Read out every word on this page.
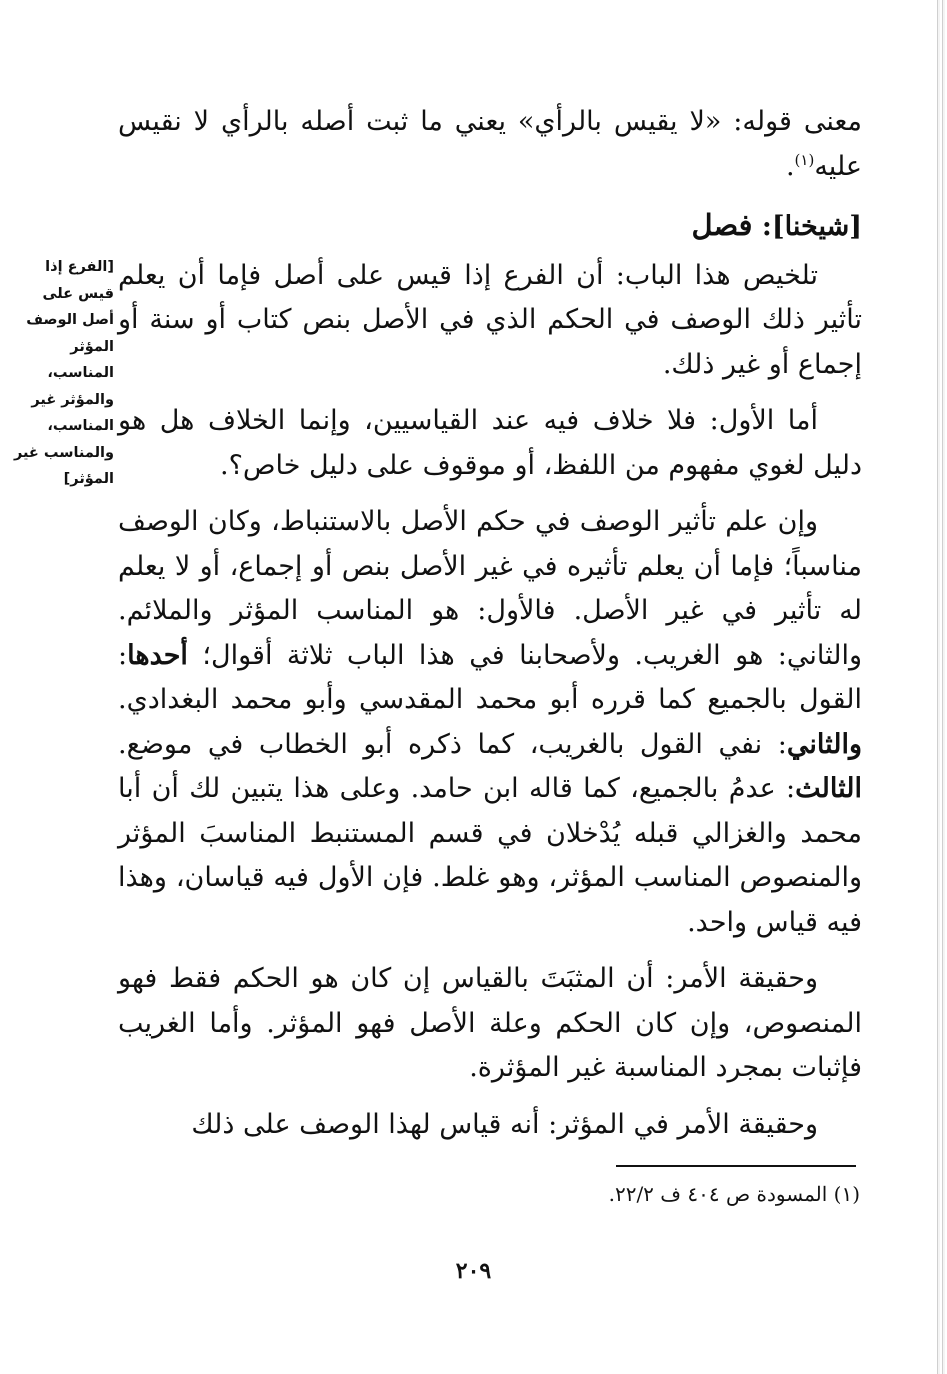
معنى قوله: «لا يقيس بالرأي» يعني ما ثبت أصله بالرأي لا نقيس عليه$^{(١)}$.

[شيخنا]: فصل

تلخيص هذا الباب: أن الفرع إذا قيس على أصل فإما أن يعلم تأثير ذلك الوصف في الحكم الذي في الأصل بنص كتاب أو سنة أو إجماع أو غير ذلك.

أما الأول: فلا خلاف فيه عند القياسيين، وإنما الخلاف هل هو دليل لغوي مفهوم من اللفظ، أو موقوف على دليل خاص؟.

وإن علم تأثير الوصف في حكم الأصل بالاستنباط، وكان الوصف مناسباً؛ فإما أن يعلم تأثيره في غير الأصل بنص أو إجماع، أو لا يعلم له تأثير في غير الأصل. فالأول: هو المناسب المؤثر والملائم. والثاني: هو الغريب. ولأصحابنا في هذا الباب ثلاثة أقوال؛ أحدها: القول بالجميع كما قرره أبو محمد المقدسي وأبو محمد البغدادي. والثاني: نفي القول بالغريب، كما ذكره أبو الخطاب في موضع. الثالث: عدمُ بالجميع، كما قاله ابن حامد. وعلى هذا يتبين لك أن أبا محمد والغزالي قبله يُدْخلان في قسم المستنبط المناسبَ المؤثر والمنصوص المناسب المؤثر، وهو غلط. فإن الأول فيه قياسان، وهذا فيه قياس واحد.

وحقيقة الأمر: أن المثبَتَ بالقياس إن كان هو الحكم فقط فهو المنصوص، وإن كان الحكم وعلة الأصل فهو المؤثر. وأما الغريب فإثبات بمجرد المناسبة غير المؤثرة.

وحقيقة الأمر في المؤثر: أنه قياس لهذا الوصف على ذلك

[الفرع إذا قيس على أصل الوصف المؤثر المناسب، والمؤثر غير المناسب، والمناسب غير المؤثر]
(١) المسودة ص ٤٠٤ ف ٢٢/٢.
٢٠٩
